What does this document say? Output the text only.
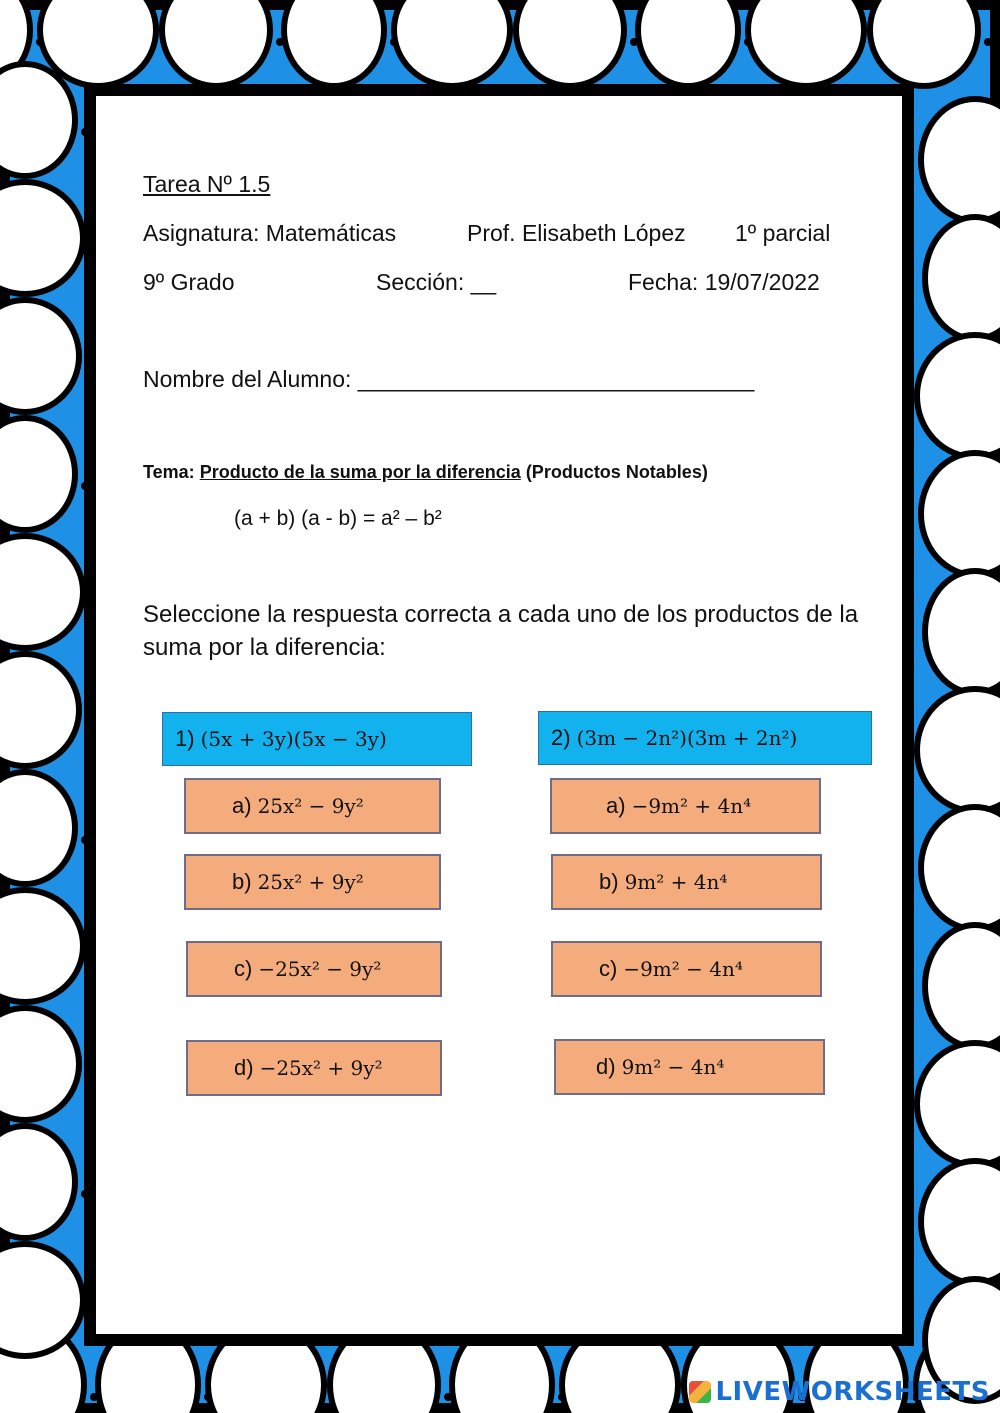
Tarea Nº 1.5
Asignatura: Matemáticas	Prof. Elisabeth López 1º parcial
9º Grado	Sección: __	Fecha: 19/07/2022
Nombre del Alumno: _______________________________
Tema: Producto de la suma por la diferencia (Productos Notables)
(a + b) (a - b) = a² – b²
Seleccione la respuesta correcta a cada uno de los productos de la suma por la diferencia:
1) (5x + 3y)(5x − 3y)
a) 25x² − 9y²
b) 25x² + 9y²
c) −25x² − 9y²
d) −25x² + 9y²
2) (3m − 2n²)(3m + 2n²)
a) −9m² + 4n⁴
b) 9m² + 4n⁴
c) −9m² − 4n⁴
d) 9m² − 4n⁴
LIVEWORKSHEETS
